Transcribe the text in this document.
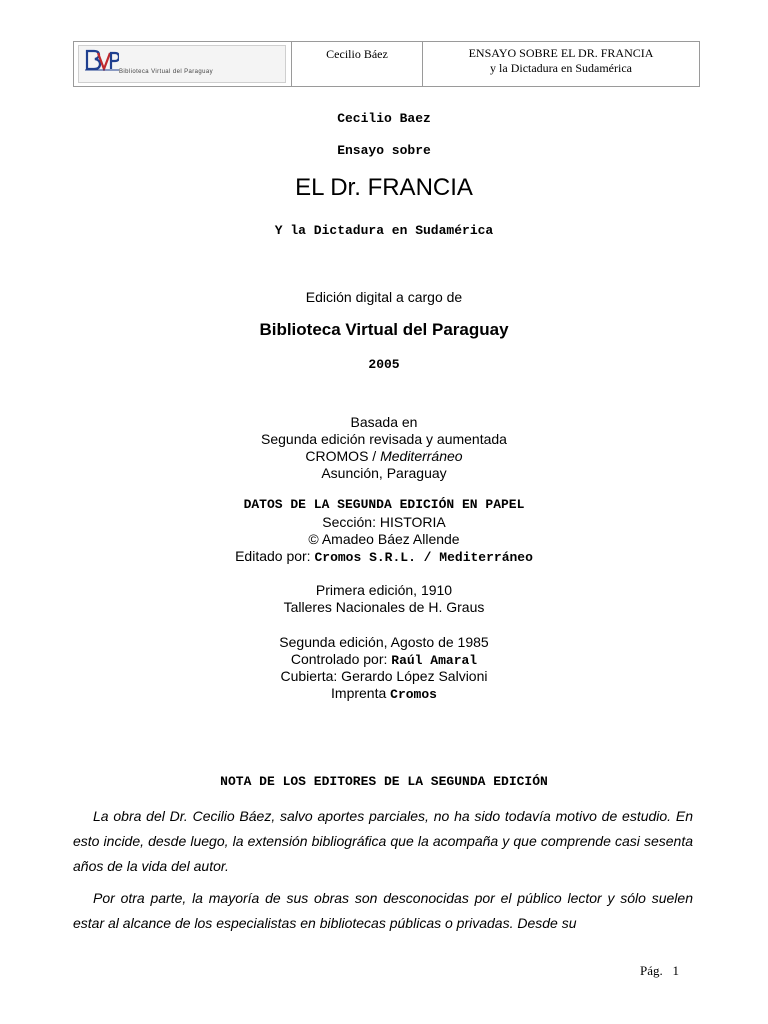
Biblioteca Virtual del Paraguay
Cecilio Báez	ENSAYO SOBRE EL DR. FRANCIA
y la Dictadura en Sudamérica
Cecilio Baez
Ensayo sobre
EL Dr. FRANCIA
Y la Dictadura en Sudamérica
Edición digital a cargo de
Biblioteca Virtual del Paraguay
2005
Basada en
Segunda edición revisada y aumentada
CROMOS / Mediterráneo
Asunción, Paraguay
DATOS DE LA SEGUNDA EDICIÓN EN PAPEL
Sección: HISTORIA
© Amadeo Báez Allende
Editado por: Cromos S.R.L. / Mediterráneo
Primera edición, 1910
Talleres Nacionales de H. Graus
Segunda edición, Agosto de 1985
Controlado por: Raúl Amaral
Cubierta: Gerardo López Salvioni
Imprenta Cromos
NOTA DE LOS EDITORES DE LA SEGUNDA EDICIÓN
La obra del Dr. Cecilio Báez, salvo aportes parciales, no ha sido todavía motivo de estudio. En esto incide, desde luego, la extensión bibliográfica que la acompaña y que comprende casi sesenta años de la vida del autor.
Por otra parte, la mayoría de sus obras son desconocidas por el público lector y sólo suelen estar al alcance de los especialistas en bibliotecas públicas o privadas. Desde su
Pág. 1
